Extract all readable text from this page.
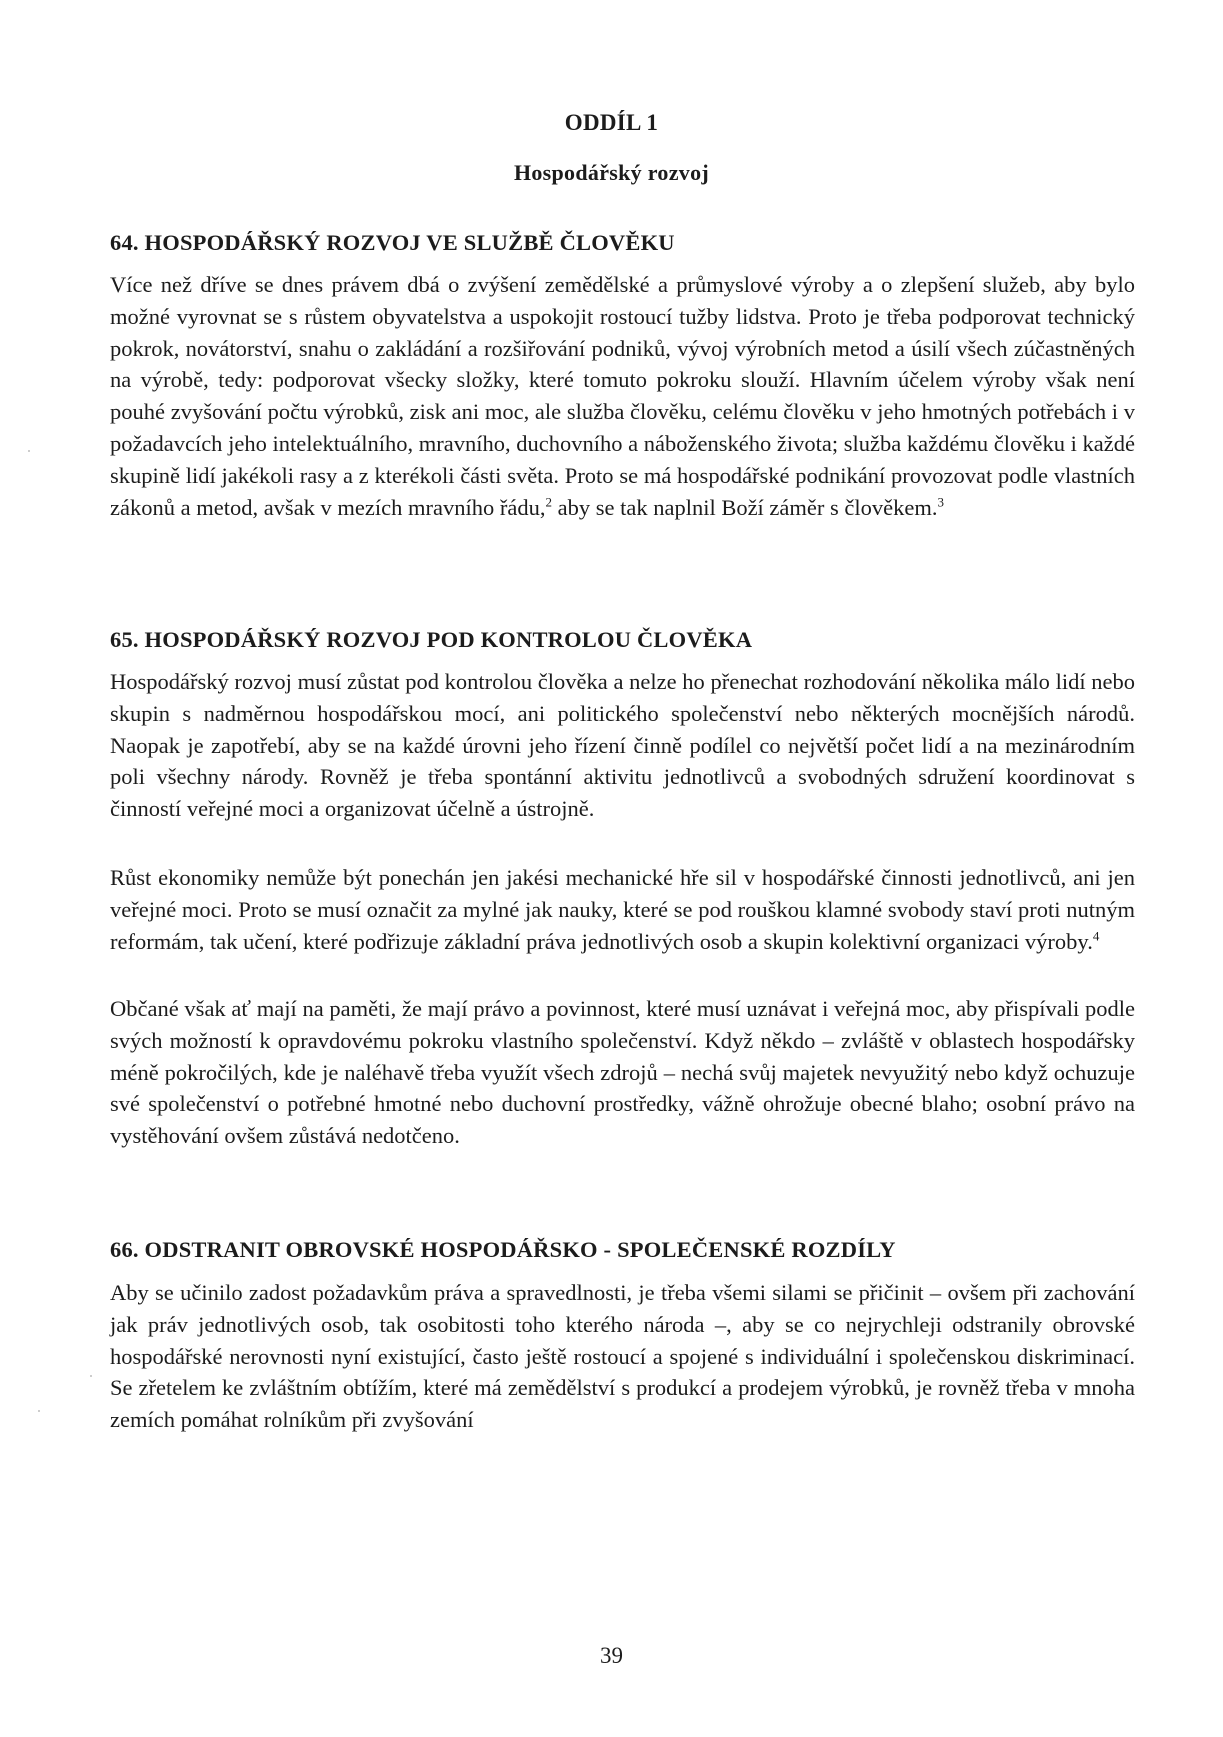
ODDÍL 1
Hospodářský rozvoj
64. HOSPODÁŘSKÝ ROZVOJ VE SLUŽBĚ ČLOVĚKU

Více než dříve se dnes právem dbá o zvýšení zemědělské a průmyslové výroby a o zlepšení služeb, aby bylo možné vyrovnat se s růstem obyvatelstva a uspokojit rostoucí tužby lidstva. Proto je třeba podporovat technický pokrok, novátorství, snahu o zakládání a rozšiřování podniků, vývoj výrobních metod a úsilí všech zúčastněných na výrobě, tedy: podporovat všecky složky, které tomuto pokroku slouží. Hlavním účelem výroby však není pouhé zvyšování počtu výrobků, zisk ani moc, ale služba člověku, celému člověku v jeho hmotných potřebách i v požadavcích jeho intelektuálního, mravního, duchovního a náboženského života; služba každému člověku i každé skupině lidí jakékoli rasy a z kterékoli části světa. Proto se má hospodářské podnikání provozovat podle vlastních zákonů a metod, avšak v mezích mravního řádu,$^2$ aby se tak naplnil Boží záměr s člověkem.$^3$

65. HOSPODÁŘSKÝ ROZVOJ POD KONTROLOU ČLOVĚKA

Hospodářský rozvoj musí zůstat pod kontrolou člověka a nelze ho přenechat rozhodování několika málo lidí nebo skupin s nadměrnou hospodářskou mocí, ani politického společenství nebo některých mocnějších národů. Naopak je zapotřebí, aby se na každé úrovni jeho řízení činně podílel co největší počet lidí a na mezinárodním poli všechny národy. Rovněž je třeba spontánní aktivitu jednotlivců a svobodných sdružení koordinovat s činností veřejné moci a organizovat účelně a ústrojně.

Růst ekonomiky nemůže být ponechán jen jakési mechanické hře sil v hospodářské činnosti jednotlivců, ani jen veřejné moci. Proto se musí označit za mylné jak nauky, které se pod rouškou klamné svobody staví proti nutným reformám, tak učení, které podřizuje základní práva jednotlivých osob a skupin kolektivní organizaci výroby.$^4$

Občané však ať mají na paměti, že mají právo a povinnost, které musí uznávat i veřejná moc, aby přispívali podle svých možností k opravdovému pokroku vlastního společenství. Když někdo – zvláště v oblastech hospodářsky méně pokročilých, kde je naléhavě třeba využít všech zdrojů – nechá svůj majetek nevyužitý nebo když ochuzuje své společenství o potřebné hmotné nebo duchovní prostředky, vážně ohrožuje obecné blaho; osobní právo na vystěhování ovšem zůstává nedotčeno.

66. ODSTRANIT OBROVSKÉ HOSPODÁŘSKO - SPOLEČENSKÉ ROZDÍLY

Aby se učinilo zadost požadavkům práva a spravedlnosti, je třeba všemi silami se přičinit – ovšem při zachování jak práv jednotlivých osob, tak osobitosti toho kterého národa –, aby se co nejrychleji odstranily obrovské hospodářské nerovnosti nyní existující, často ještě rostoucí a spojené s individuální i společenskou diskriminací. Se zřetelem ke zvláštním obtížím, které má zemědělství s produkcí a prodejem výrobků, je rovněž třeba v mnoha zemích pomáhat rolníkům při zvyšování

39
